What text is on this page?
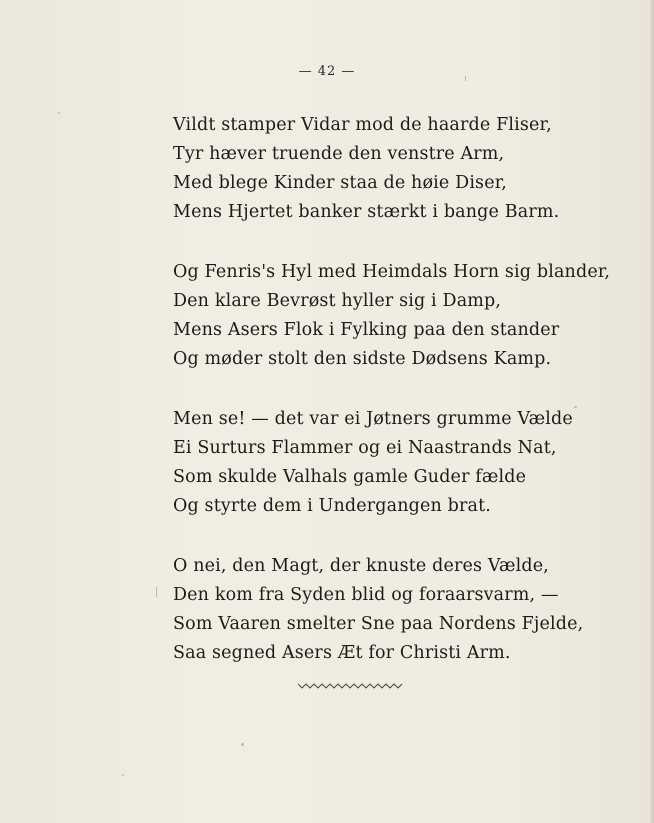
— 42 —
Vildt stamper Vidar mod de haarde Fliser,
Tyr hæver truende den venstre Arm,
Med blege Kinder staa de høie Diser,
Mens Hjertet banker stærkt i bange Barm.
Og Fenris's Hyl med Heimdals Horn sig blander,
Den klare Bevrøst hyller sig i Damp,
Mens Asers Flok i Fylking paa den stander
Og møder stolt den sidste Dødsens Kamp.
Men se! — det var ei Jøtners grumme Vælde
Ei Surturs Flammer og ei Naastrands Nat,
Som skulde Valhals gamle Guder fælde
Og styrte dem i Undergangen brat.
O nei, den Magt, der knuste deres Vælde,
Den kom fra Syden blid og foraarsvarm, —
Som Vaaren smelter Sne paa Nordens Fjelde,
Saa segned Asers Æt for Christi Arm.
